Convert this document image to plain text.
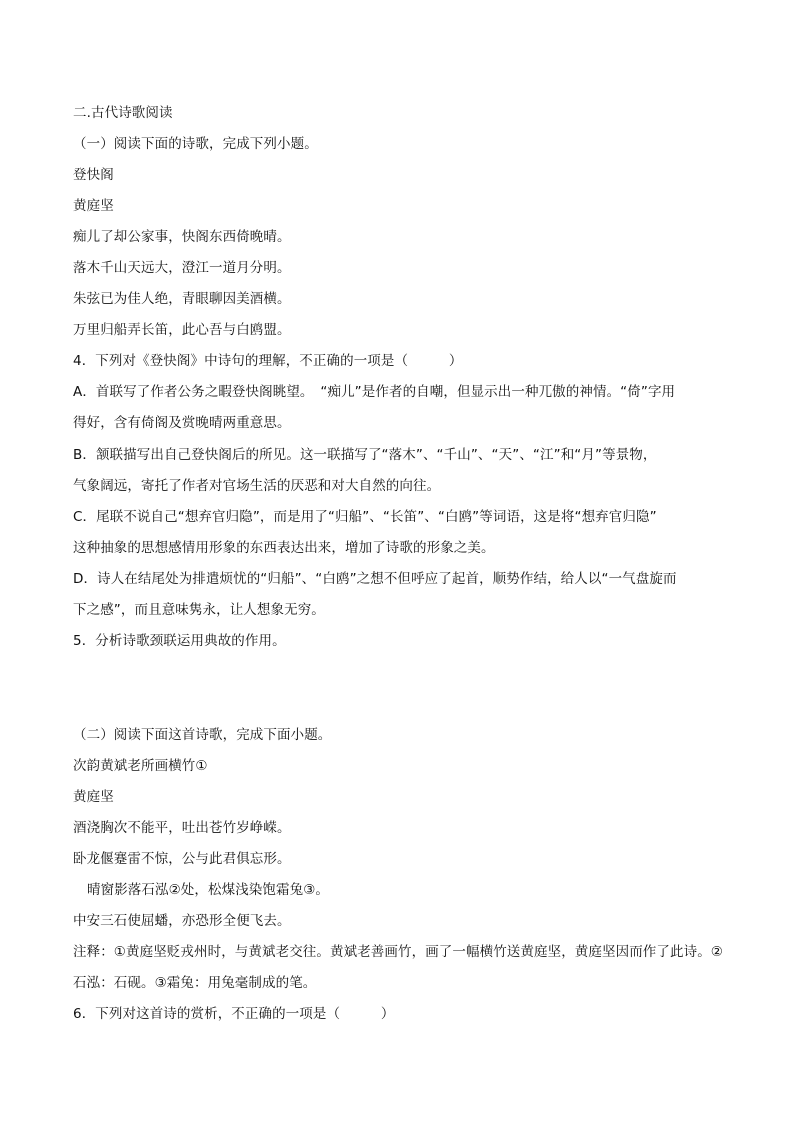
二.古代诗歌阅读
（一）阅读下面的诗歌，完成下列小题。
登快阁
黄庭坚
痴儿了却公家事，快阁东西倚晚晴。
落木千山天远大，澄江一道月分明。
朱弦已为佳人绝，青眼聊因美酒横。
万里归船弄长笛，此心吾与白鸥盟。
4．下列对《登快阁》中诗句的理解，不正确的一项是（　　　）
A．首联写了作者公务之暇登快阁眺望。　“痴儿”是作者的自嘲，但显示出一种兀傲的神情。“倚”字用
得好，含有倚阁及赏晚晴两重意思。
B．颔联描写出自己登快阁后的所见。这一联描写了“落木”、“千山”、“天”、“江”和“月”等景物，
气象阔远，寄托了作者对官场生活的厌恶和对大自然的向往。
C．尾联不说自己“想弃官归隐”，而是用了“归船”、“长笛”、“白鸥”等词语，这是将“想弃官归隐”
这种抽象的思想感情用形象的东西表达出来，增加了诗歌的形象之美。
D．诗人在结尾处为排遣烦忧的“归船”、“白鸥”之想不但呼应了起首，顺势作结，给人以“一气盘旋而
下之感”，而且意味隽永，让人想象无穷。
5．分析诗歌颈联运用典故的作用。
（二）阅读下面这首诗歌，完成下面小题。
次韵黄斌老所画横竹①
黄庭坚
酒浇胸次不能平，吐出苍竹岁峥嵘。
卧龙偃蹇雷不惊，公与此君俱忘形。
晴窗影落石泓②处，松煤浅染饱霜兔③。
中安三石使屈蟠，亦恐形全便飞去。
注释：①黄庭坚贬戎州时，与黄斌老交往。黄斌老善画竹，画了一幅横竹送黄庭坚，黄庭坚因而作了此诗。②
石泓：石砚。③霜兔：用兔毫制成的笔。
6．下列对这首诗的赏析，不正确的一项是（　　　）
